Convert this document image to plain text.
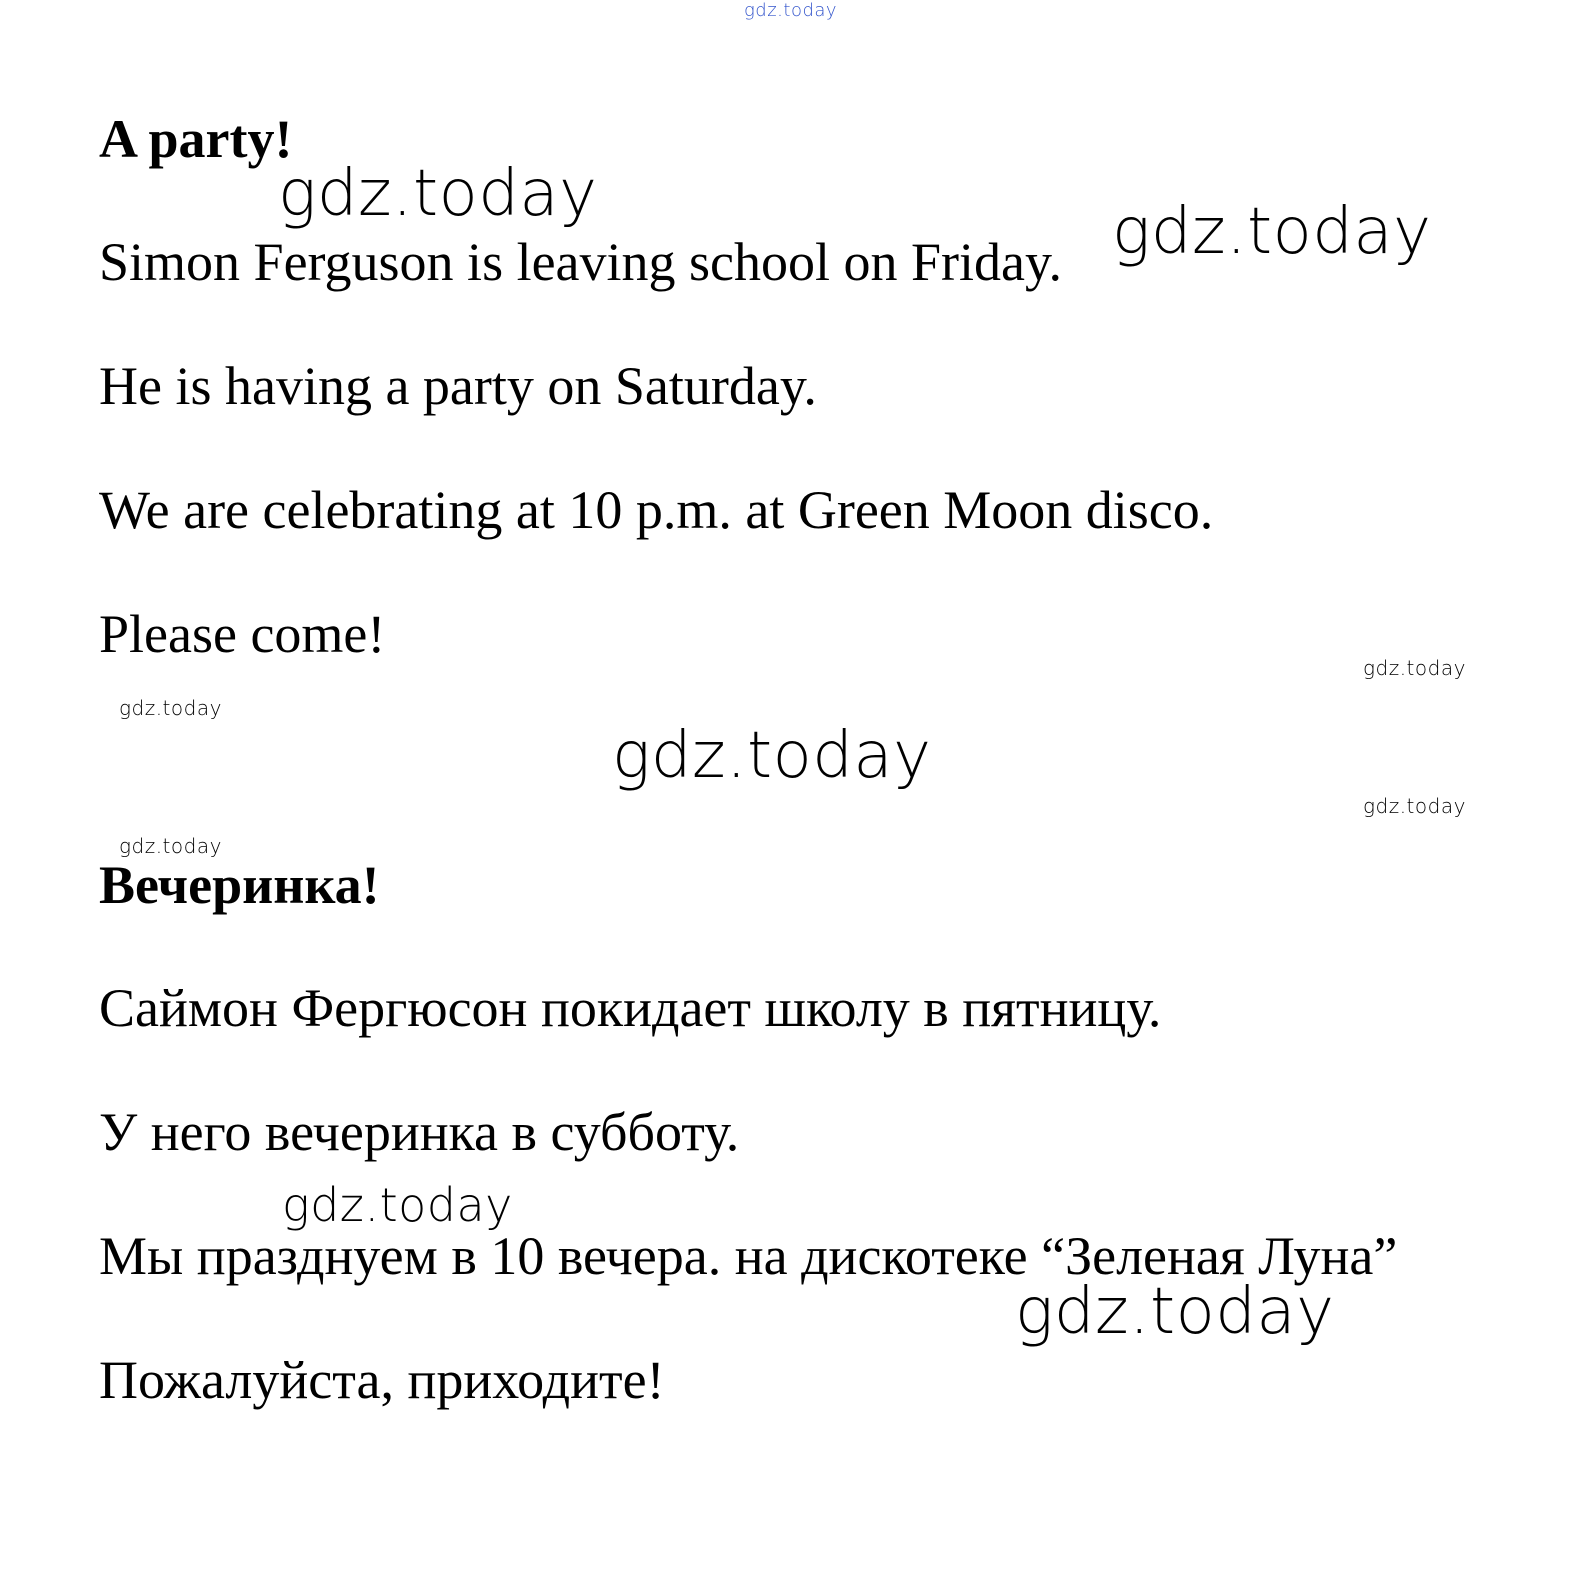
gdz.today

A party!

Simon Ferguson is leaving school on Friday.

He is having a party on Saturday.

We are celebrating at 10 p.m. at Green Moon disco.

Please come!

Вечеринка!

Саймон Фергюсон покидает школу в пятницу.

У него вечеринка в субботу.

Мы празднуем в 10 вечера. на дискотеке “Зеленая Луна”

Пожалуйста, приходите!

gdz.today

gdz.today

gdz.today

gdz.today

gdz.today

gdz.today

gdz.today

gdz.today

gdz.today
